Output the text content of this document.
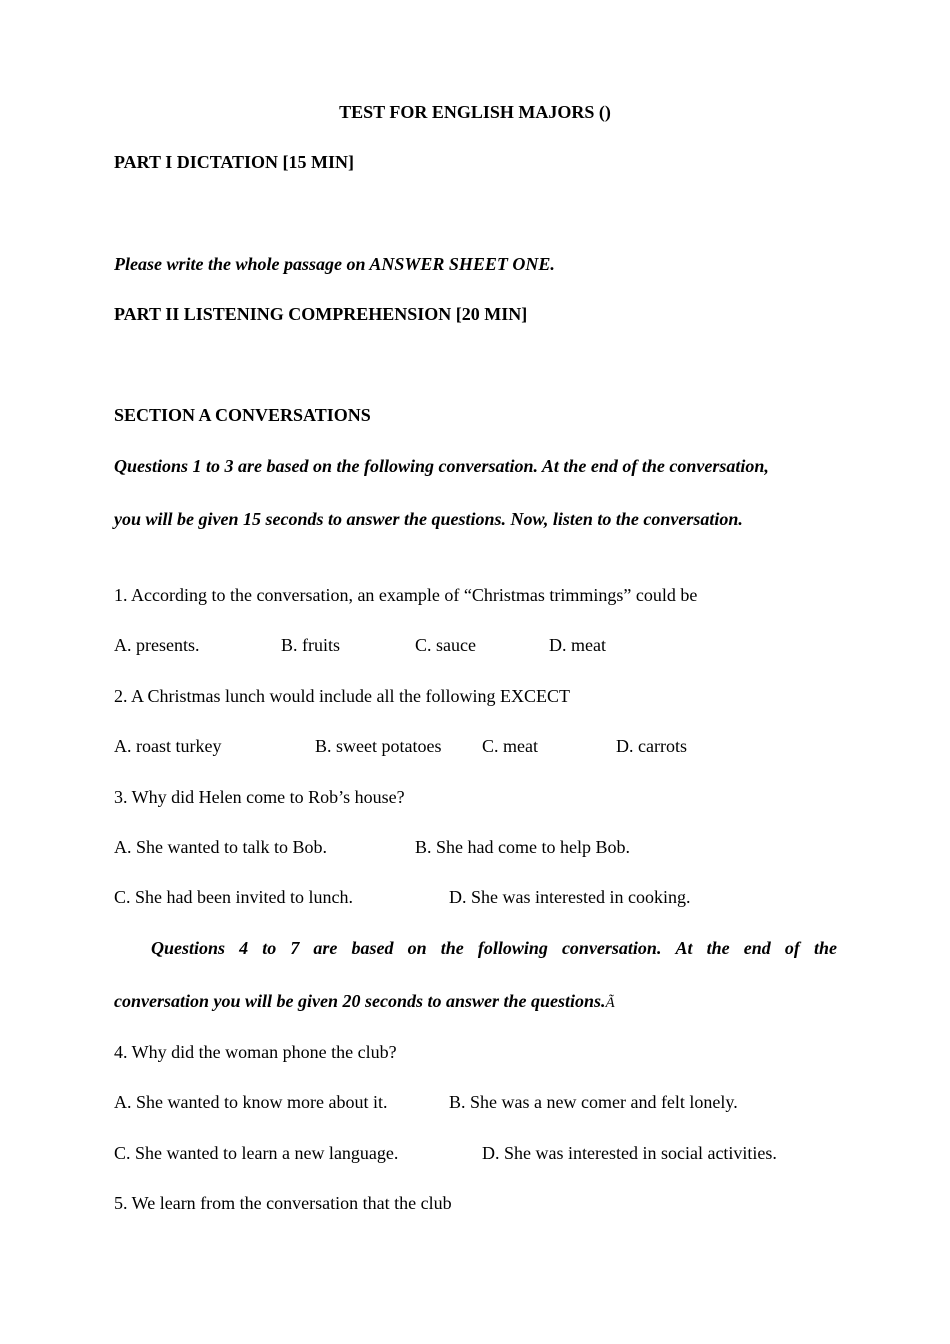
TEST FOR ENGLISH MAJORS ()
PART I DICTATION [15 MIN]
Please write the whole passage on ANSWER SHEET ONE.
PART II LISTENING COMPREHENSION [20 MIN]
SECTION A CONVERSATIONS
Questions 1 to 3 are based on the following conversation. At the end of the conversation,
you will be given 15 seconds to answer the questions. Now, listen to the conversation.
1. According to the conversation, an example of “Christmas trimmings” could be
A. presents.	B. fruits	C. sauce	D. meat
2. A Christmas lunch would include all the following EXCECT
A. roast turkey	B. sweet potatoes C. meat	D. carrots
3. Why did Helen come to Rob’s house?
A. She wanted to talk to Bob.	B. She had come to help Bob.
C. She had been invited to lunch.	D. She was interested in cooking.
Questions 4 to 7 are based on the following conversation. At the end of the
conversation you will be given 20 seconds to answer the questions.Ã
4. Why did the woman phone the club?
A. She wanted to know more about it.	B. She was a new comer and felt lonely.
C. She wanted to learn a new language.	D. She was interested in social activities.
5. We learn from the conversation that the club
